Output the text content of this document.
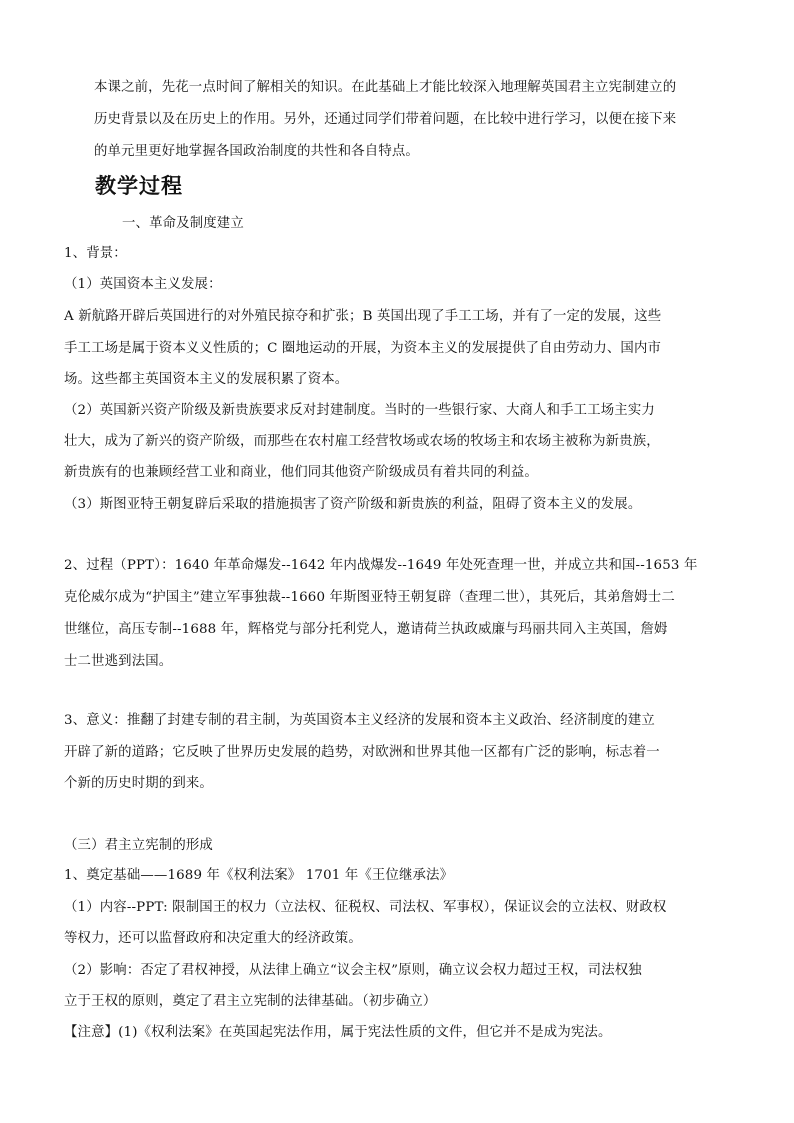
本课之前，先花一点时间了解相关的知识。在此基础上才能比较深入地理解英国君主立宪制建立的
历史背景以及在历史上的作用。另外，还通过同学们带着问题，在比较中进行学习，以便在接下来
的单元里更好地掌握各国政治制度的共性和各自特点。
教学过程
一、革命及制度建立
1、背景：
（1）英国资本主义发展：
A 新航路开辟后英国进行的对外殖民掠夺和扩张；B 英国出现了手工工场，并有了一定的发展，这些
手工工场是属于资本义义性质的；C 圈地运动的开展，为资本主义的发展提供了自由劳动力、国内市
场。这些都主英国资本主义的发展积累了资本。
（2）英国新兴资产阶级及新贵族要求反对封建制度。当时的一些银行家、大商人和手工工场主实力
壮大，成为了新兴的资产阶级，而那些在农村雇工经营牧场或农场的牧场主和农场主被称为新贵族，
新贵族有的也兼顾经营工业和商业，他们同其他资产阶级成员有着共同的利益。
（3）斯图亚特王朝复辟后采取的措施损害了资产阶级和新贵族的利益，阻碍了资本主义的发展。
2、过程（PPT）：1640 年革命爆发--1642 年内战爆发--1649 年处死查理一世，并成立共和国--1653 年
克伦威尔成为“护国主”建立军事独裁--1660 年斯图亚特王朝复辟（查理二世），其死后，其弟詹姆士二
世继位，高压专制--1688 年，辉格党与部分托利党人，邀请荷兰执政威廉与玛丽共同入主英国，詹姆
士二世逃到法国。
3、意义：推翻了封建专制的君主制，为英国资本主义经济的发展和资本主义政治、经济制度的建立
开辟了新的道路；它反映了世界历史发展的趋势，对欧洲和世界其他一区都有广泛的影响，标志着一
个新的历史时期的到来。
（三）君主立宪制的形成
1、奠定基础——1689 年《权利法案》 1701 年《王位继承法》
（1）内容--PPT: 限制国王的权力（立法权、征税权、司法权、军事权），保证议会的立法权、财政权
等权力，还可以监督政府和决定重大的经济政策。
（2）影响：否定了君权神授，从法律上确立“议会主权”原则，确立议会权力超过王权，司法权独
立于王权的原则，奠定了君主立宪制的法律基础。（初步确立）
【注意】(1)《权利法案》在英国起宪法作用，属于宪法性质的文件，但它并不是成为宪法。
